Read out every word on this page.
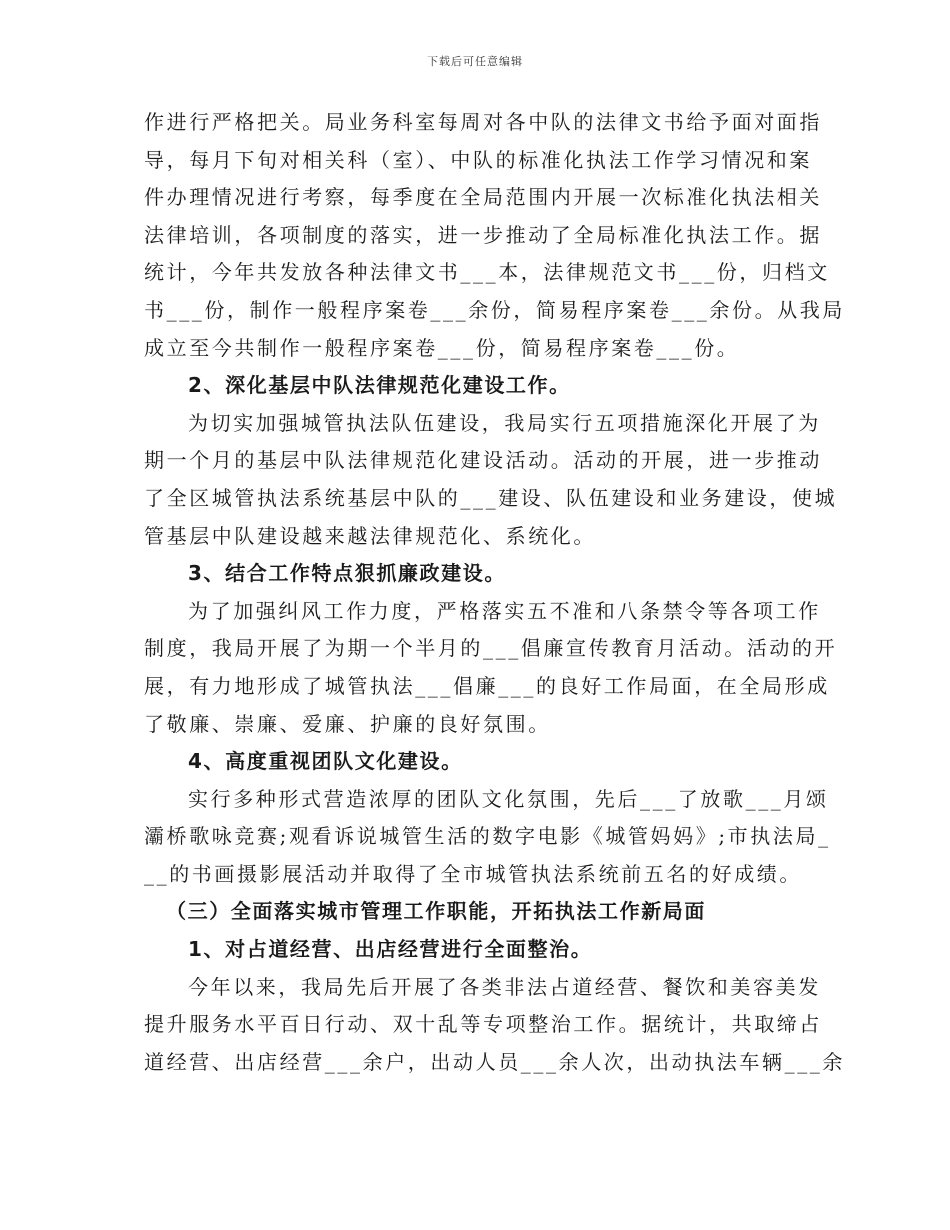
下载后可任意编辑
作进行严格把关。局业务科室每周对各中队的法律文书给予面对面指
导，每月下旬对相关科（室）、中队的标准化执法工作学习情况和案
件办理情况进行考察，每季度在全局范围内开展一次标准化执法相关
法律培训，各项制度的落实，进一步推动了全局标准化执法工作。据
统计，今年共发放各种法律文书___本，法律规范文书___份，归档文
书___份，制作一般程序案卷___余份，简易程序案卷___余份。从我局
成立至今共制作一般程序案卷___份，简易程序案卷___份。
2、深化基层中队法律规范化建设工作。
为切实加强城管执法队伍建设，我局实行五项措施深化开展了为
期一个月的基层中队法律规范化建设活动。活动的开展，进一步推动
了全区城管执法系统基层中队的___建设、队伍建设和业务建设，使城
管基层中队建设越来越法律规范化、系统化。
3、结合工作特点狠抓廉政建设。
为了加强纠风工作力度，严格落实五不准和八条禁令等各项工作
制度，我局开展了为期一个半月的___倡廉宣传教育月活动。活动的开
展，有力地形成了城管执法___倡廉___的良好工作局面，在全局形成
了敬廉、崇廉、爱廉、护廉的良好氛围。
4、高度重视团队文化建设。
实行多种形式营造浓厚的团队文化氛围，先后___了放歌___月颂
灞桥歌咏竞赛;观看诉说城管生活的数字电影《城管妈妈》;市执法局_
__的书画摄影展活动并取得了全市城管执法系统前五名的好成绩。
（三）全面落实城市管理工作职能，开拓执法工作新局面
1、对占道经营、出店经营进行全面整治。
今年以来，我局先后开展了各类非法占道经营、餐饮和美容美发
提升服务水平百日行动、双十乱等专项整治工作。据统计，共取缔占
道经营、出店经营___余户，出动人员___余人次，出动执法车辆___余
